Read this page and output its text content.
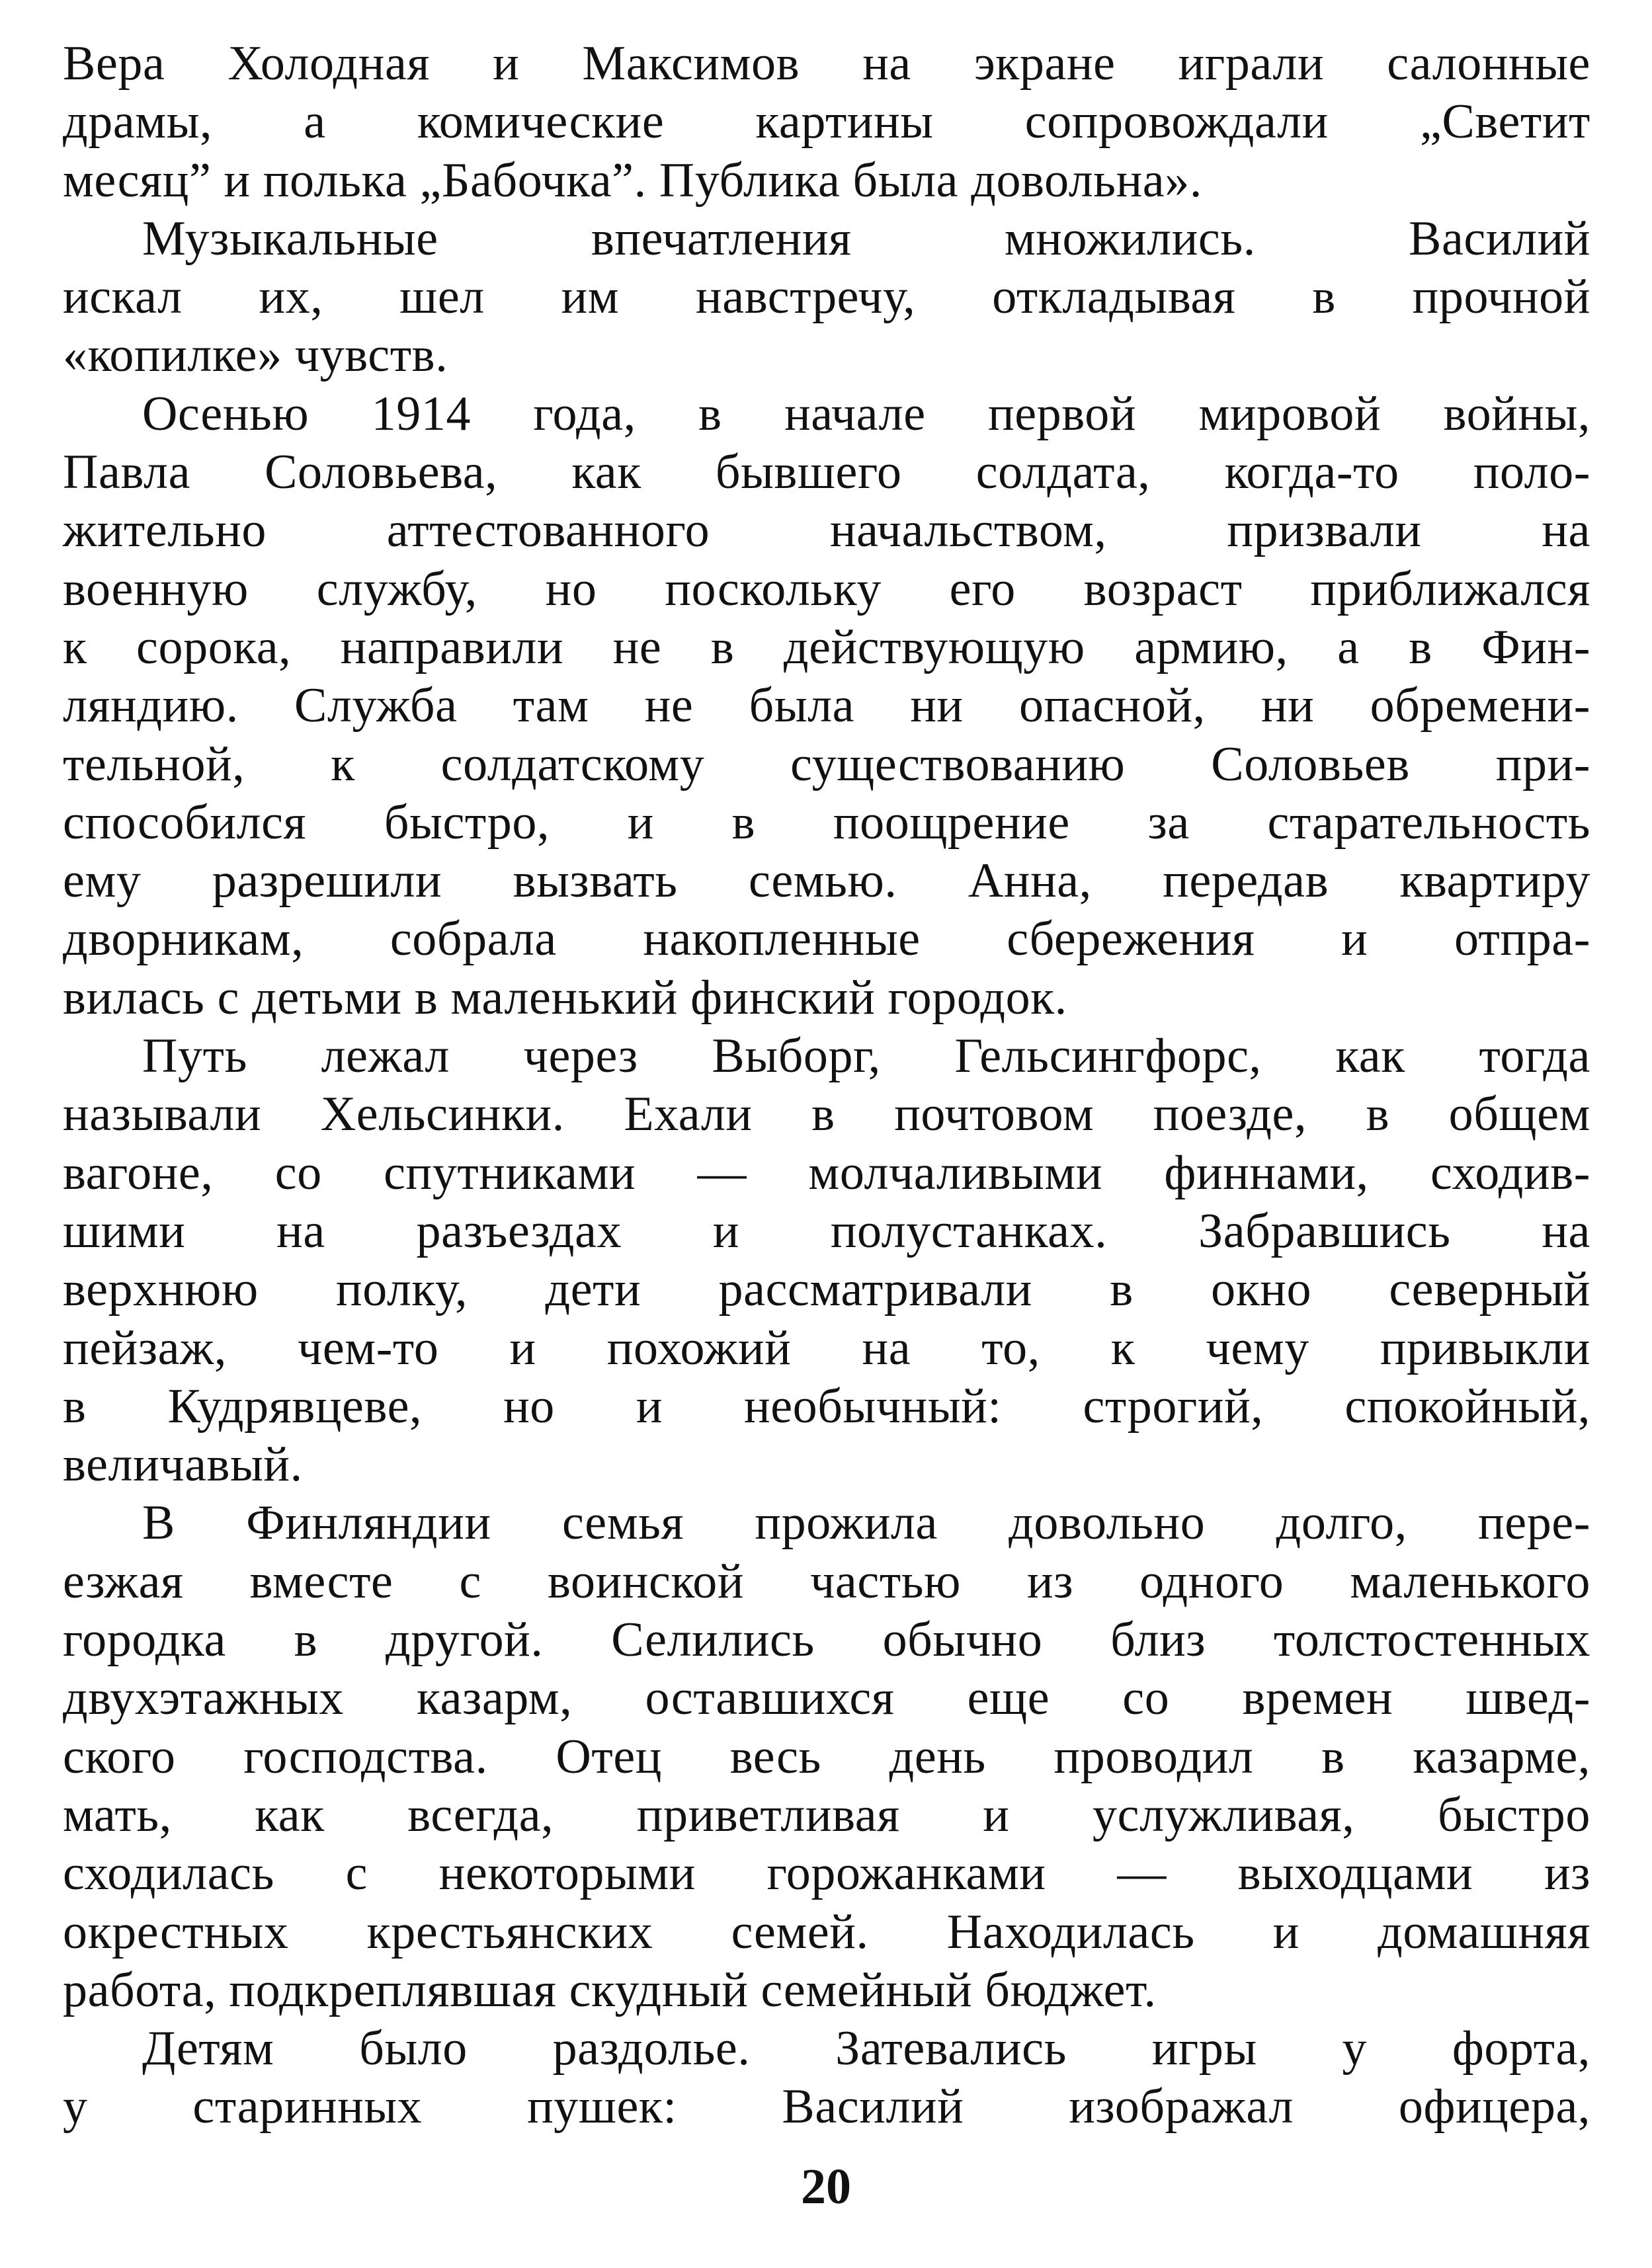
Вера Холодная и Максимов на экране играли салонные
драмы, а комические картины сопровождали „Светит
месяц” и полька „Бабочка”. Публика была довольна».
Музыкальные впечатления множились. Василий
искал их, шел им навстречу, откладывая в прочной
«копилке» чувств.
Осенью 1914 года, в начале первой мировой войны,
Павла Соловьева, как бывшего солдата, когда-то поло-
жительно аттестованного начальством, призвали на
военную службу, но поскольку его возраст приближался
к сорока, направили не в действующую армию, а в Фин-
ляндию. Служба там не была ни опасной, ни обремени-
тельной, к солдатскому существованию Соловьев при-
способился быстро, и в поощрение за старательность
ему разрешили вызвать семью. Анна, передав квартиру
дворникам, собрала накопленные сбережения и отпра-
вилась с детьми в маленький финский городок.
Путь лежал через Выборг, Гельсингфорс, как тогда
называли Хельсинки. Ехали в почтовом поезде, в общем
вагоне, со спутниками — молчаливыми финнами, сходив-
шими на разъездах и полустанках. Забравшись на
верхнюю полку, дети рассматривали в окно северный
пейзаж, чем-то и похожий на то, к чему привыкли
в Кудрявцеве, но и необычный: строгий, спокойный,
величавый.
В Финляндии семья прожила довольно долго, пере-
езжая вместе с воинской частью из одного маленького
городка в другой. Селились обычно близ толстостенных
двухэтажных казарм, оставшихся еще со времен швед-
ского господства. Отец весь день проводил в казарме,
мать, как всегда, приветливая и услужливая, быстро
сходилась с некоторыми горожанками — выходцами из
окрестных крестьянских семей. Находилась и домашняя
работа, подкреплявшая скудный семейный бюджет.
Детям было раздолье. Затевались игры у форта,
у старинных пушек: Василий изображал офицера,
20
